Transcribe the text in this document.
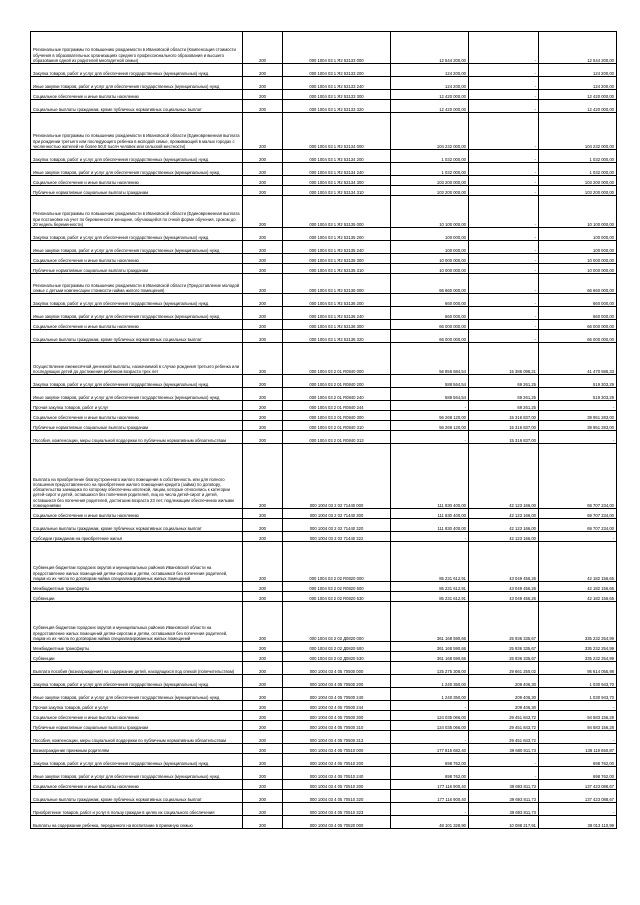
Региональные программы по повышению рождаемости в Ивановской области (Компенсация стоимости обучения в образовательных организациях среднего профессионального образования и высшего образования одной из родителей многодетной семьи)	200	000 1004 03 1 Я2 53133 000	12 544 200,00	-	12 544 200,00
Закупка товаров, работ и услуг для обеспечения государственных (муниципальных) нужд	200	000 1004 03 1 Я2 53133 200	124 200,00	-	124 200,00
Иные закупки товаров, работ и услуг для обеспечения государственных (муниципальных) нужд	200	000 1004 03 1 Я2 53133 240	124 200,00	-	124 200,00
Социальное обеспечение и иные выплаты населению	200	000 1004 03 1 Я2 53133 300	12 420 000,00	-	12 420 000,00
Социальные выплаты гражданам, кроме публичных нормативных социальных выплат	200	000 1004 03 1 Я2 53133 320	12 420 000,00	-	12 420 000,00
Региональные программы по повышению рождаемости в Ивановской области (Единовременная выплата при рождении третьего или последующего ребенка в молодой семье, проживающей в малых городах с численностью жителей не более 50,0 тысяч человек или сельской местности)	200	000 1004 03 1 Я2 53134 000	104 232 000,00	-	104 232 000,00
Закупка товаров, работ и услуг для обеспечения государственных (муниципальных) нужд	200	000 1004 03 1 Я2 53134 200	1 032 000,00	-	1 032 000,00
Иные закупки товаров, работ и услуг для обеспечения государственных (муниципальных) нужд	200	000 1004 03 1 Я2 53134 240	1 032 000,00	-	1 032 000,00
Социальное обеспечение и иные выплаты населению	200	000 1004 03 1 Я2 53134 300	103 200 000,00	-	103 200 000,00
Публичные нормативные социальные выплаты гражданам	200	000 1004 03 1 Я2 53134 310	103 200 000,00	-	103 200 000,00
Региональные программы по повышению рождаемости в Ивановской области (Единовременная выплата при постановке на учет по беременности женщине, обучающейся по очной форме обучения, сроком до 20 недель беременности)	200	000 1004 03 1 Я2 53135 000	10 100 000,00	-	10 100 000,00
Закупка товаров, работ и услуг для обеспечения государственных (муниципальных) нужд	200	000 1004 03 1 Я2 53135 200	100 000,00	-	100 000,00
Иные закупки товаров, работ и услуг для обеспечения государственных (муниципальных) нужд	200	000 1004 03 1 Я2 53135 240	100 000,00	-	100 000,00
Социальное обеспечение и иные выплаты населению	200	000 1004 03 1 Я2 53135 300	10 000 000,00	-	10 000 000,00
Публичные нормативные социальные выплаты гражданам	200	000 1004 03 1 Я2 53135 310	10 000 000,00	-	10 000 000,00
Региональные программы по повышению рождаемости в Ивановской области (Предоставление молодой семье с детьми компенсации стоимости найма жилого помещения)	200	000 1004 03 1 Я2 53136 000	66 660 000,00	-	66 660 000,00
Закупка товаров, работ и услуг для обеспечения государственных (муниципальных) нужд	200	000 1004 03 1 Я2 53136 200	660 000,00	-	660 000,00
Иные закупки товаров, работ и услуг для обеспечения государственных (муниципальных) нужд	200	000 1004 03 1 Я2 53136 240	660 000,00	-	660 000,00
Социальное обеспечение и иные выплаты населению	200	000 1004 03 1 Я2 53136 300	66 000 000,00	-	66 000 000,00
Социальные выплаты гражданам, кроме публичных нормативных социальных выплат	200	000 1004 03 1 Я2 53136 320	66 000 000,00	-	66 000 000,00
Осуществление ежемесячной денежной выплаты, назначаемой в случае рождения третьего ребенка или последующих детей до достижения ребенком возраста трех лет	200	000 1004 03 2 01 R0840 000	56 856 684,54	15 386 098,21	41 470 586,33
Закупка товаров, работ и услуг для обеспечения государственных (муниципальных) нужд	200	000 1004 03 2 01 R0840 200	588 564,54	69 261,25	519 303,29
Иные закупки товаров, работ и услуг для обеспечения государственных (муниципальных) нужд	200	000 1004 03 2 01 R0840 240	588 564,54	69 261,25	519 303,29
Прочая закупка товаров, работ и услуг	200	000 1004 03 2 01 R0840 244	-	69 261,25	-
Социальное обеспечение и иные выплаты населению	200	000 1004 03 2 01 R0840 300	56 268 120,00	15 316 837,00	39 951 283,00
Публичные нормативные социальные выплаты гражданам	200	000 1004 03 2 01 R0840 310	56 268 120,00	15 316 837,00	39 951 283,00
Пособия, компенсации, меры социальной поддержки по публичным нормативным обязательствам	200	000 1004 03 2 01 R0840 313	-	15 316 837,00	-
Выплата на приобретение благоустроенного жилого помещения в собственность или для полного погашения предоставленного на приобретение жилого помещения кредита (займа) по договору, обязательства заемщика по которому обеспечены ипотекой, лицам, которые относились к категории детей-сирот и детей, оставшихся без попечения родителей, лиц из числа детей-сирот и детей, оставшихся без попечения родителей, достигшим возраста 23 лет, подлежащим обеспечению жилыми помещениями	200	000 1004 03 2 02 71440 000	111 830 400,00	42 123 166,00	69 707 234,00
Социальное обеспечение и иные выплаты населению	200	000 1004 03 2 02 71440 300	111 830 400,00	42 123 166,00	69 707 234,00
Социальные выплаты гражданам, кроме публичных нормативных социальных выплат	200	000 1004 03 2 02 71440 320	111 830 400,00	42 123 166,00	69 707 234,00
Субсидии гражданам на приобретение жилья	200	000 1004 03 2 02 71440 322	-	42 123 166,00	-
Субвенция бюджетам городских округов и муниципальных районов Ивановской области на предоставление жилых помещений детям-сиротам и детям, оставшимся без попечения родителей, лицам из их числа по договорам найма специализированных жилых помещений	200	000 1004 03 2 02 R0820 000	85 231 612,91	43 049 456,26	42 182 156,65
Межбюджетные трансферты	200	000 1004 03 2 02 R0820 500	85 231 612,91	43 049 456,26	42 182 156,65
Субвенции	200	000 1004 03 2 02 R0820 530	85 231 612,91	43 049 456,26	42 182 156,65
Субвенция бюджетам городских округов и муниципальных районов Ивановской области на предоставление жилых помещений детям-сиротам и детям, оставшимся без попечения родителей, лицам из их числа по договорам найма специализированных жилых помещений	200	000 1004 03 2 02 Д0820 000	361 168 590,66	25 936 335,67	335 232 254,99
Межбюджетные трансферты	200	000 1004 03 2 02 Д0820 500	361 168 590,66	25 936 335,67	335 232 254,99
Субвенции	200	000 1004 03 2 02 Д0820 530	361 168 590,66	25 936 335,67	335 232 254,99
Выплата пособия (вознаграждения) на содержание детей, находящихся под опекой (попечительством)	200	000 1004 03 4 05 70500 000	125 275 306,00	29 661 250,02	95 614 055,98
Закупка товаров, работ и услуг для обеспечения государственных (муниципальных) нужд	200	000 1004 03 4 05 70500 200	1 240 350,00	209 406,30	1 030 943,70
Иные закупки товаров, работ и услуг для обеспечения государственных (муниципальных) нужд	200	000 1004 03 4 05 70500 240	1 240 350,00	209 406,30	1 030 943,70
Прочая закупка товаров, работ и услуг	200	000 1004 03 4 05 70500 244	-	209 406,30	-
Социальное обеспечение и иные выплаты населению	200	000 1004 03 4 05 70500 300	124 035 066,00	29 451 843,72	94 583 156,28
Публичные нормативные социальные выплаты гражданам	200	000 1004 03 4 05 70500 310	124 035 066,00	29 451 843,72	94 583 156,28
Пособия, компенсации, меры социальной поддержки по публичным нормативным обязательствам	200	000 1004 03 4 05 70500 313	-	29 451 843,72	-
Вознаграждение приемным родителям	200	000 1004 03 4 05 70510 000	177 815 682,40	39 680 811,73	138 119 650,87
Закупка товаров, работ и услуг для обеспечения государственных (муниципальных) нужд	200	000 1004 03 4 05 70510 200	698 762,00	-	698 762,00
Иные закупки товаров, работ и услуг для обеспечения государственных (муниципальных) нужд	200	000 1004 03 4 05 70510 240	698 762,00	-	698 762,00
Социальное обеспечение и иные выплаты населению	200	000 1004 03 4 05 70510 300	177 116 900,40	39 693 811,73	137 423 088,67
Социальные выплаты гражданам, кроме публичных нормативных социальных выплат	200	000 1004 03 4 05 70510 320	177 116 900,40	39 693 811,73	137 423 088,67
Приобретение товаров, работ и услуг в пользу граждан в целях их социального обеспечения	200	000 1004 03 4 05 70510 323	-	39 693 811,73	-
Выплаты на содержание ребенка, переданного на воспитание в приемную семью	200	000 1004 03 4 05 70520 000	48 101 328,90	10 088 217,91	38 013 110,99
